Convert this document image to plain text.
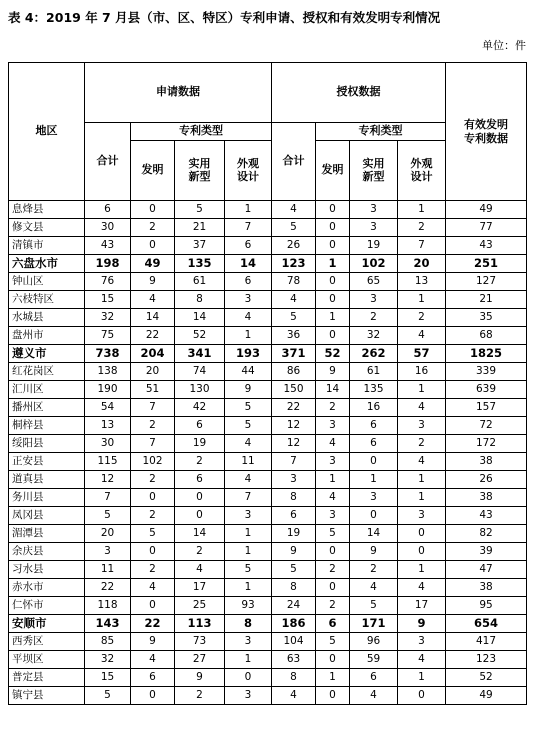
表 4：2019 年 7 月县（市、区、特区）专利申请、授权和有效发明专利情况
单位：件
地区	申请数据				授权数据				有效发明专利数据

	合计	专利类型			合计	专利类型			
		发明	实用新型	外观设计		发明	实用新型	外观设计	

息烽县	6	0	5	1	4	0	3	1	49
修文县	30	2	21	7	5	0	3	2	77
清镇市	43	0	37	6	26	0	19	7	43
六盘水市	198	49	135	14	123	1	102	20	251
钟山区	76	9	61	6	78	0	65	13	127
六枝特区	15	4	8	3	4	0	3	1	21
水城县	32	14	14	4	5	1	2	2	35
盘州市	75	22	52	1	36	0	32	4	68
遵义市	738	204	341	193	371	52	262	57	1825
红花岗区	138	20	74	44	86	9	61	16	339
汇川区	190	51	130	9	150	14	135	1	639
播州区	54	7	42	5	22	2	16	4	157
桐梓县	13	2	6	5	12	3	6	3	72
绥阳县	30	7	19	4	12	4	6	2	172
正安县	115	102	2	11	7	3	0	4	38
道真县	12	2	6	4	3	1	1	1	26
务川县	7	0	0	7	8	4	3	1	38
凤冈县	5	2	0	3	6	3	0	3	43
湄潭县	20	5	14	1	19	5	14	0	82
余庆县	3	0	2	1	9	0	9	0	39
习水县	11	2	4	5	5	2	2	1	47
赤水市	22	4	17	1	8	0	4	4	38
仁怀市	118	0	25	93	24	2	5	17	95
安顺市	143	22	113	8	186	6	171	9	654
西秀区	85	9	73	3	104	5	96	3	417
平坝区	32	4	27	1	63	0	59	4	123
普定县	15	6	9	0	8	1	6	1	52
镇宁县	5	0	2	3	4	0	4	0	49
